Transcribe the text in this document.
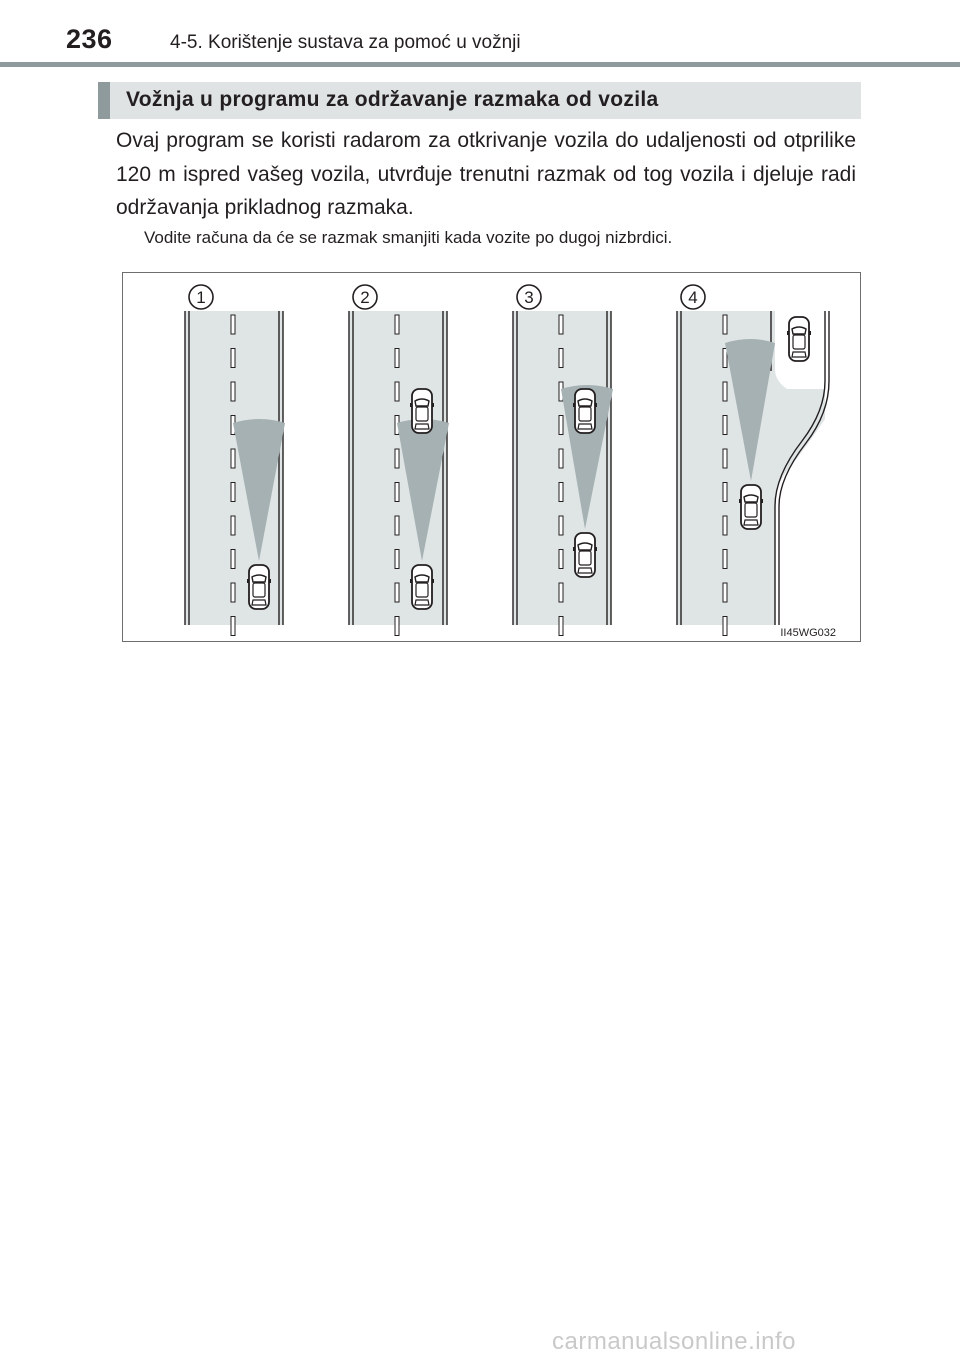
236	4-5. Korištenje sustava za pomoć u vožnji
Vožnja u programu za održavanje razmaka od vozila
Ovaj program se koristi radarom za otkrivanje vozila do udaljenosti od otprilike 120 m ispred vašeg vozila, utvrđuje trenutni razmak od tog vozila i djeluje radi održavanja prikladnog razmaka.
Vodite računa da će se razmak smanjiti kada vozite po dugoj nizbrdici.
1	2	3	4
II45WG032
carmanualsonline.info
